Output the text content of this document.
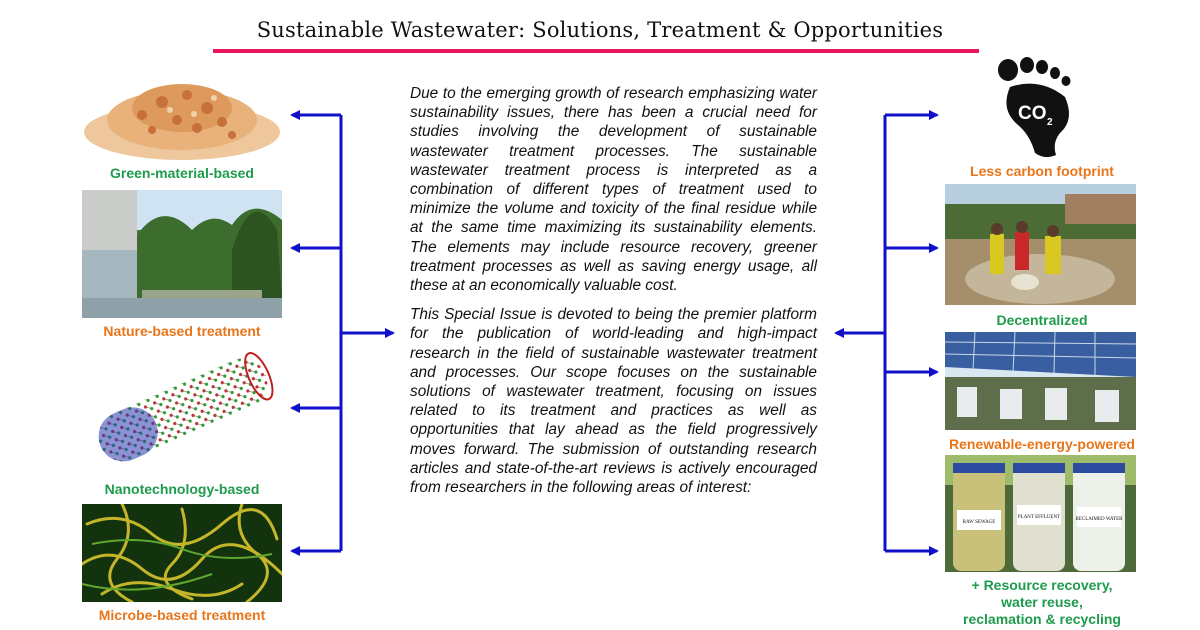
Sustainable Wastewater: Solutions, Treatment & Opportunities
Green-material-based
Nature-based treatment
Nanotechnology-based
Microbe-based treatment

Due to the emerging growth of research emphasizing water sustainability issues, there has been a crucial need for studies involving the development of sustainable wastewater treatment processes. The sustainable wastewater treatment process is interpreted as a combination of different types of treatment used to minimize the volume and toxicity of the final residue while at the same time maximizing its sustainability elements. The elements may include resource recovery, greener treatment processes as well as saving energy usage, all these at an economically valuable cost.

This Special Issue is devoted to being the premier platform for the publication of world-leading and high-impact research in the field of sustainable wastewater treatment and processes. Our scope focuses on the sustainable solutions of wastewater treatment, focusing on issues related to its treatment and practices as well as opportunities that lay ahead as the field progressively moves forward. The submission of outstanding research articles and state-of-the-art reviews is actively encouraged from researchers in the following areas of interest:

CO 2
Less carbon footprint
Decentralized
Renewable-energy-powered
RAW SEWAGE
PLANT EFFLUENT	RECLAIMED WATER
+ Resource recovery,
water reuse,
reclamation & recycling
